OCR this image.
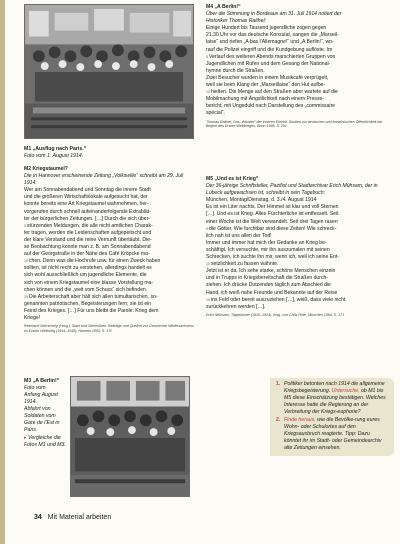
M1 „Ausflug nach Paris.“
Foto vom 1. August 1914.
M2 Kriegstaumel?
Die in Hannover erscheinende Zeitung „Volkswille“ schreibt am 29. Juli 1914:

Wer am Sonnabendabend und Sonntag die innere Stadt

und die größeren Wirtschaftslokale aufgesucht hat, der

konnte bereits eine Art Kriegstaumel wahrnehmen, her-

vorgerufen durch schnell aufeinanderfolgende Extrablät-

ter der bürgerlichen Zeitungen. […] Durch die sich über-

5stürzenden Meldungen, die alle nicht amtlichen Charak-

ter tragen, werden die Leidenschaften aufgepeitscht und

der klare Verstand und die reine Vernunft übertäubt. Die-

se Beobachtung konnte man z. B. am Sonnabendabend

auf der Georgstraße in der Nähe des Café Kröpcke ma-

10chen. Denn was die Hochrufe usw. für einen Zweck haben

sollten, ist nicht recht zu verstehen, allerdings handelt es

sich wohl ausschließlich um jugendliche Elemente, die

sich von einem Kriegstaumel eine blasse Vorstellung ma-

chen können und die „weit vom Schuss“ sich befinden.

15Die Arbeiterschaft aber hält sich allen tumultarischen, so-

genannten patriotischen, Begeisterungen fern; sie ist ein

Feind des Krieges. […] Für uns bleibt die Parole: Krieg dem

Kriege!

Reinhard Oberschelp (Hrsg.), Stahl und Steckrüben. Beiträge und Quellen zur Geschichte Niedersachsens im Ersten Weltkrieg (1914–1918), Hameln 1993, S. 17f.
M3 „A Berlin!“
Foto vom
Anfang August
1914.
Abfahrt von
Soldaten vom
Gare de l’Est in
Paris.
▸ Vergleiche die Fotos M1 und M3.
M4 „A Berlin!“
Über die Stimmung in Bordeaux am 31. Juli 1914 notiert der
Historiker Thomas Raithel:

Einige Hundert bis Tausend jugendliche zogen gegen

21.30 Uhr vor das deutsche Konsulat, sangen die „Marseil-

laise“ und riefen „A bas l’Allemagne!“ und „A Berlin!“, wo-

rauf die Polizei eingriff und die Kundgebung auflöste. Im

5Verlauf des weiteren Abends marschierten Gruppen von

Jugendlichen mit Rufen und dem Gesang der National-

hymne durch die Straßen.

Zwei Besucher wurden in einem Musikcafé verprügelt,

weil sie beim Klang der „Marseillaise“ den Hut aufbe-

10hielten. Die Menge auf den Straßen aber wartete auf die

Mobilmachung mit Ängstlichkeit nach einem Presse-

bericht, mit Ungeduld nach Darstellung des „commissaire

spécial“.

Thomas Raithel, Das „Wunder“ der inneren Einheit. Studien zur deutschen und französischen Öffentlichkeit bei Beginn des Ersten Weltkrieges, Bonn 1996, S. 201
M5 „Und es ist Krieg“
Der 36-jährige Schriftsteller, Pazifist und Stadtarchivar Erich Mühsam, der in Lübeck aufgewachsen ist, schreibt in sein Tagebuch:

München, Montag/Dienstag, d. 3./4. August 1914

Es ist ein Liter nachts. Der Himmel ist klar und voll Sternen

[…]. Und es ist Krieg. Alles Fürchterliche ist entfesselt. Seit

einer Woche ist die Welt verwandelt. Seit drei Tagen rasen

5die Götter. Wie furchtbar sind diese Zeiten! Wie schreck-

lich nah ist uns allen der Tod!

Immer und immer hat mich der Gedanke an Krieg be-

schäftigt. Ich versuchte, mir ihn auszumalen mit seinen

Schrecken, ich suchte ihn mir, wenn ich, weil ich seine Ent-

10setzlichkeit zu fassen wähnte.

Jetzt ist er da. Ich sehe starke, schöne Menschen einzeln

und in Trupps in Kriegsbereitschaft die Straßen durch-

ziehen. Ich drücke Dutzenden täglich zum Abschied die

Hand, ich weiß nahe Freunde und Bekannte auf der Reise

15ins Feld oder bereit auszuziehen […], weiß, dass viele nicht

zurückkehren werden […].

Erich Mühsam, Tagebücher (1910–1924), hrsg. von Chris Hirte, München 1994, S. 171
1. Politiker betonten nach 1914 die allgemeine Kriegsbegeisterung. Untersuche, ob M1 bis M5 diese Einschätzung bestätigen. Welches Interesse hatte die Regierung an der Verbreitung der Kriegs-euphorie?
2. Finde heraus, wie die Bevölke-rung eures Wohn- oder Schulortes auf den Kriegsausbruch reagierte. Tipp: Dazu könntet ihr im Stadt- oder Gemeindearchiv alte Zeitungen einsehen.
34 Mit Material arbeiten
